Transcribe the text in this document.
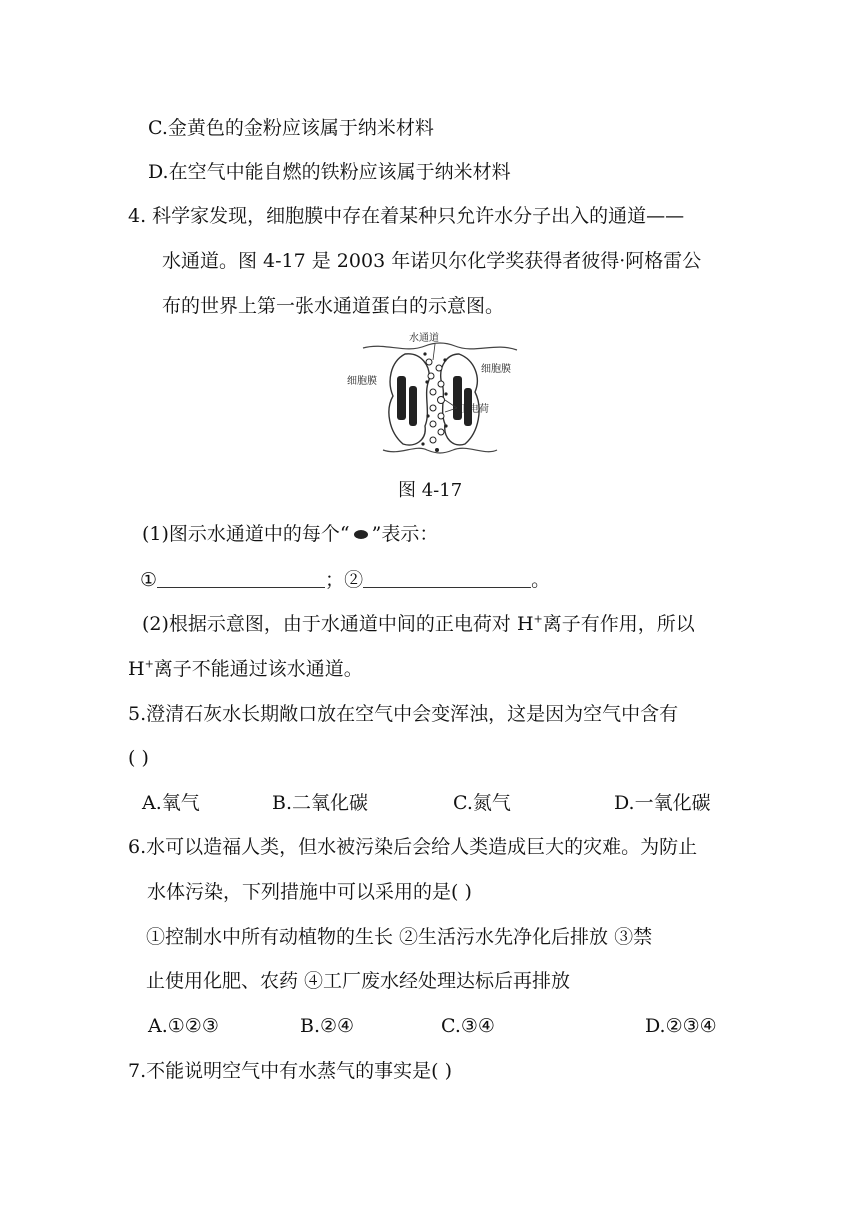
C.金黄色的金粉应该属于纳米材料
D.在空气中能自燃的铁粉应该属于纳米材料
4. 科学家发现，细胞膜中存在着某种只允许水分子出入的通道——
水通道。图 4-17 是 2003 年诺贝尔化学奖获得者彼得·阿格雷公
布的世界上第一张水通道蛋白的示意图。
水通道
细胞膜
细胞膜
正电荷
图 4-17
(1)图示水通道中的每个“ ”表示：
①	；②	。
(2)根据示意图，由于水通道中间的正电荷对 H+离子有作用，所以
H+离子不能通过该水通道。
5.澄清石灰水长期敞口放在空气中会变浑浊，这是因为空气中含有
( )
A.氧气	B.二氧化碳	C.氮气	D.一氧化碳
6.水可以造福人类，但水被污染后会给人类造成巨大的灾难。为防止
水体污染，下列措施中可以采用的是( )
①控制水中所有动植物的生长 ②生活污水先净化后排放 ③禁
止使用化肥、农药 ④工厂废水经处理达标后再排放
A.①②③	B.②④	C.③④	D.②③④
7.不能说明空气中有水蒸气的事实是( )
